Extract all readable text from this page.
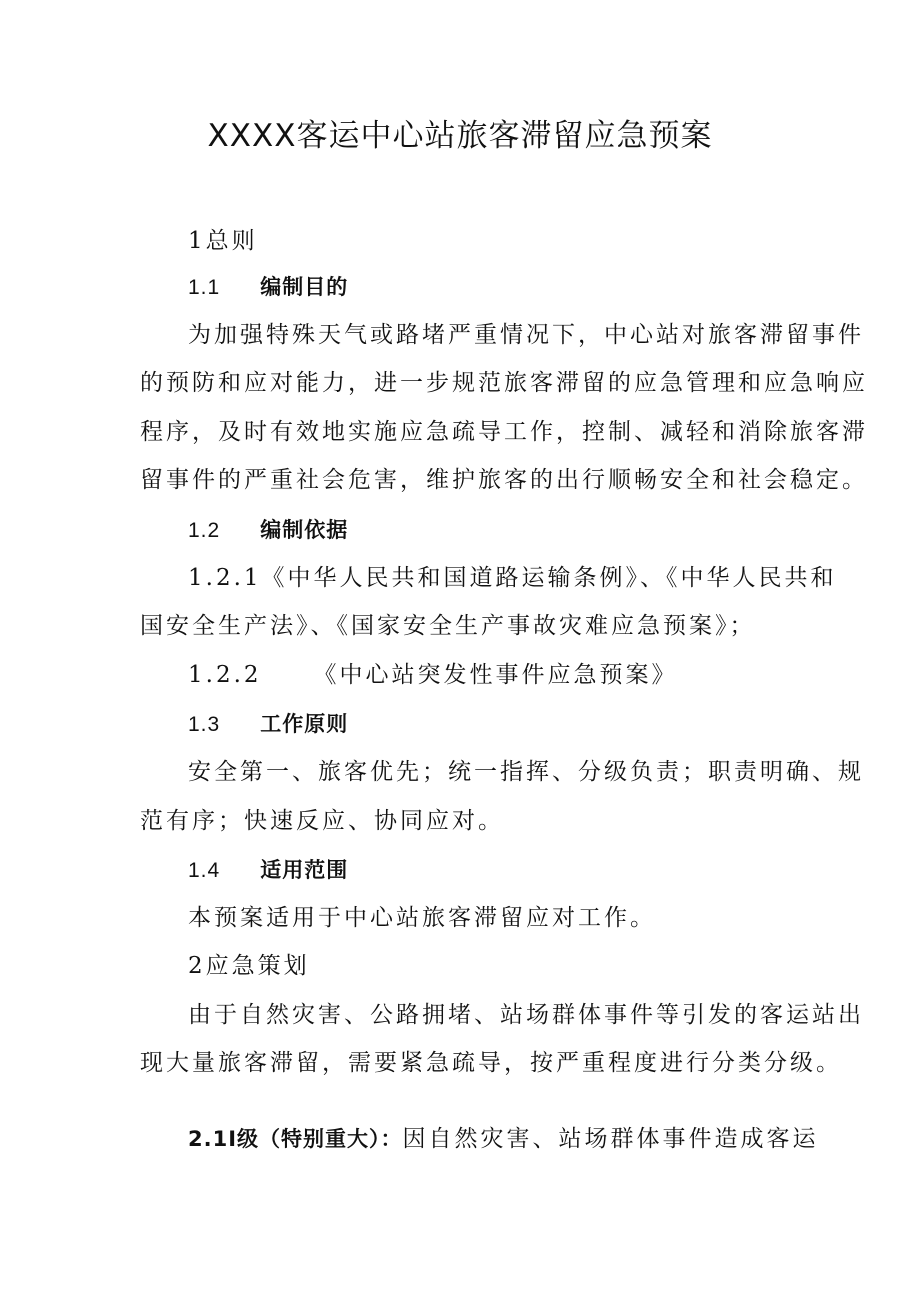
XXXX客运中心站旅客滞留应急预案
1总则
1.1 编制目的
为加强特殊天气或路堵严重情况下，中心站对旅客滞留事件
的预防和应对能力，进一步规范旅客滞留的应急管理和应急响应
程序，及时有效地实施应急疏导工作，控制、减轻和消除旅客滞
留事件的严重社会危害，维护旅客的出行顺畅安全和社会稳定。
1.2 编制依据
1.2.1《中华人民共和国道路运输条例》、《中华人民共和
国安全生产法》、《国家安全生产事故灾难应急预案》；
1.2.2 《中心站突发性事件应急预案》
1.3 工作原则
安全第一、旅客优先；统一指挥、分级负责；职责明确、规
范有序；快速反应、协同应对。
1.4 适用范围
本预案适用于中心站旅客滞留应对工作。
2应急策划
由于自然灾害、公路拥堵、站场群体事件等引发的客运站出
现大量旅客滞留，需要紧急疏导，按严重程度进行分类分级。
2.1Ⅰ级（特别重大）：因自然灾害、站场群体事件造成客运
